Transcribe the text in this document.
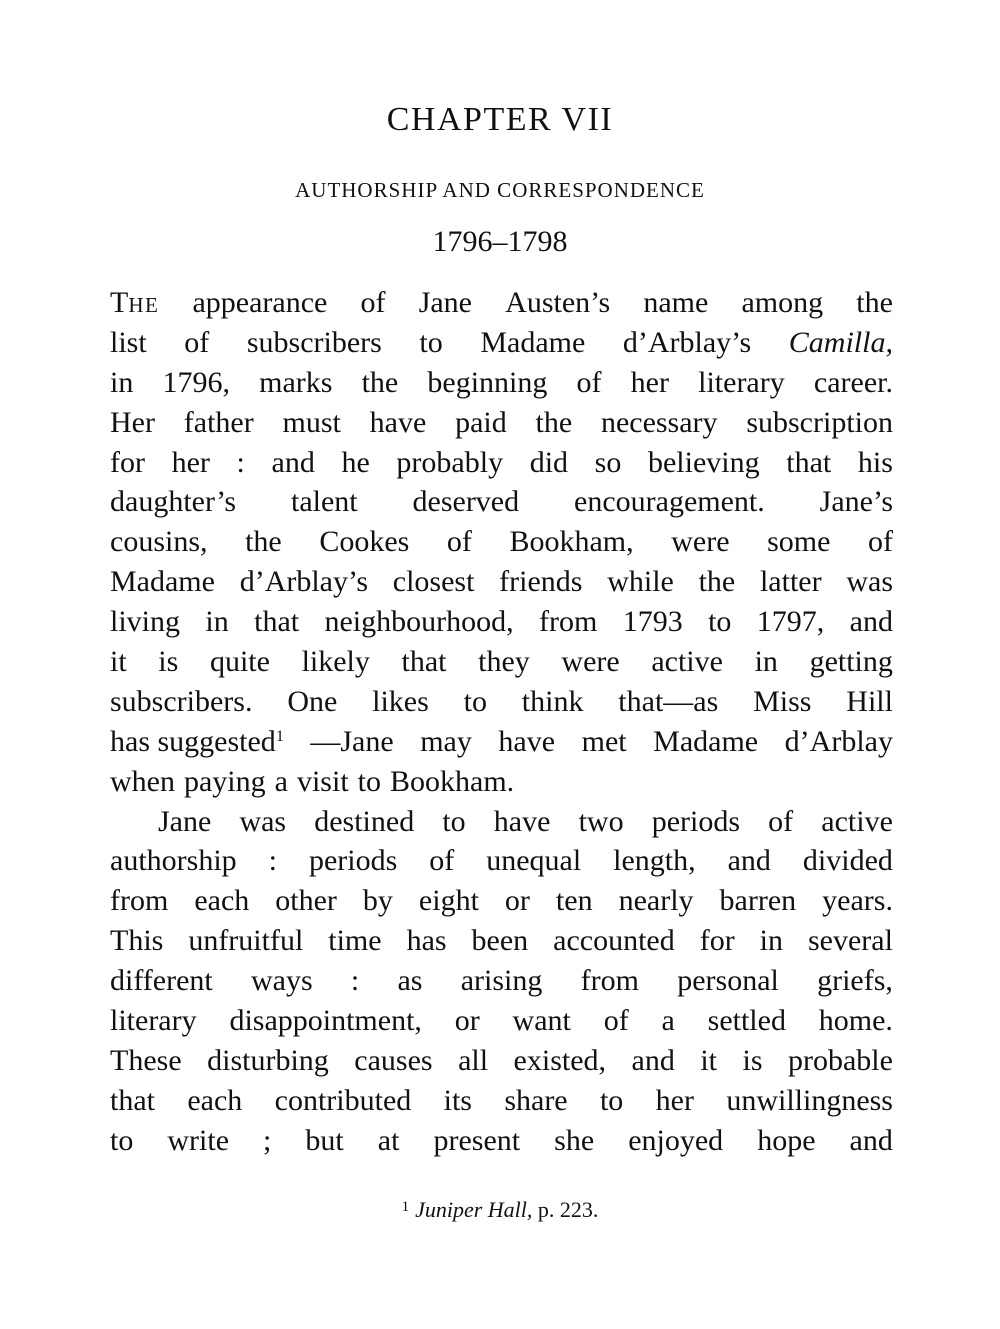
CHAPTER VII
AUTHORSHIP AND CORRESPONDENCE
1796–1798
THE appearance of Jane Austen’s name among the
list of subscribers to Madame d’Arblay’s Camilla,
in 1796, marks the beginning of her literary career.
Her father must have paid the necessary subscription
for her : and he probably did so believing that his
daughter’s talent deserved encouragement. Jane’s
cousins, the Cookes of Bookham, were some of
Madame d’Arblay’s closest friends while the latter was
living in that neighbourhood, from 1793 to 1797, and
it is quite likely that they were active in getting
subscribers. One likes to think that—as Miss Hill
has suggested$^1$ —Jane may have met Madame d’Arblay
when paying a visit to Bookham.
Jane was destined to have two periods of active
authorship : periods of unequal length, and divided
from each other by eight or ten nearly barren years.
This unfruitful time has been accounted for in several
different ways : as arising from personal griefs,
literary disappointment, or want of a settled home.
These disturbing causes all existed, and it is probable
that each contributed its share to her unwillingness
to write ; but at present she enjoyed hope and
$^1$ Juniper Hall, p. 223.
